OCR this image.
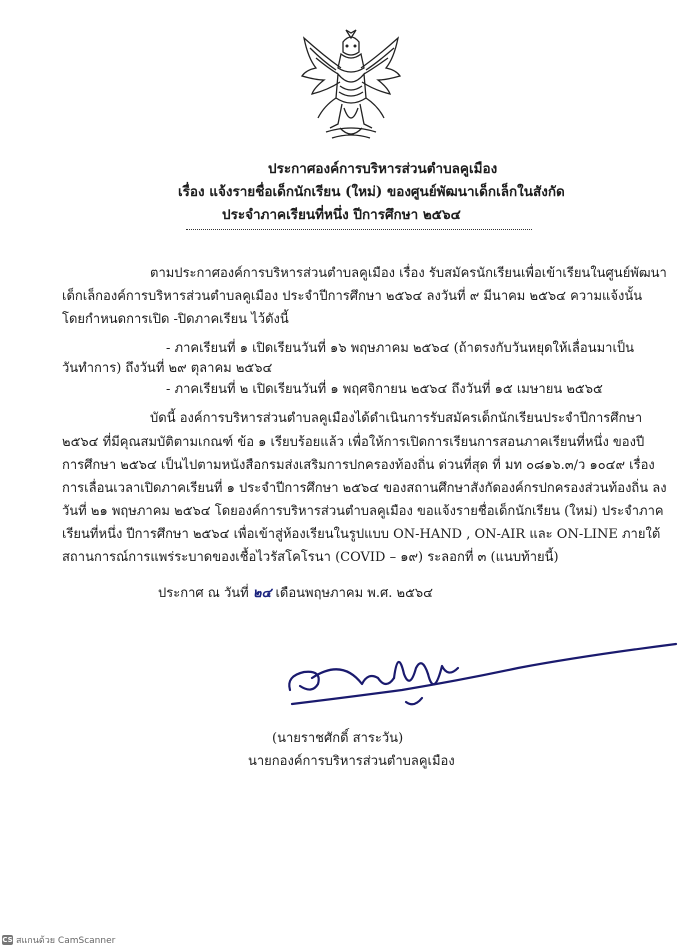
ประกาศองค์การบริหารส่วนตำบลคูเมือง
เรื่อง แจ้งรายชื่อเด็กนักเรียน (ใหม่) ของศูนย์พัฒนาเด็กเล็กในสังกัด
ประจำภาคเรียนที่หนึ่ง ปีการศึกษา ๒๕๖๔
ตามประกาศองค์การบริหารส่วนตำบลคูเมือง เรื่อง รับสมัครนักเรียนเพื่อเข้าเรียนในศูนย์พัฒนา
เด็กเล็กองค์การบริหารส่วนตำบลคูเมือง ประจำปีการศึกษา ๒๕๖๔ ลงวันที่ ๙ มีนาคม ๒๕๖๔ ความแจ้งนั้น
โดยกำหนดการเปิด -ปิดภาคเรียน ไว้ดังนี้
- ภาคเรียนที่ ๑ เปิดเรียนวันที่ ๑๖ พฤษภาคม ๒๕๖๔ (ถ้าตรงกับวันหยุดให้เลื่อนมาเป็น
วันทำการ) ถึงวันที่ ๒๙ ตุลาคม ๒๕๖๔
- ภาคเรียนที่ ๒ เปิดเรียนวันที่ ๑ พฤศจิกายน ๒๕๖๔ ถึงวันที่ ๑๕ เมษายน ๒๕๖๕
บัดนี้ องค์การบริหารส่วนตำบลคูเมืองได้ดำเนินการรับสมัครเด็กนักเรียนประจำปีการศึกษา
๒๕๖๔ ที่มีคุณสมบัติตามเกณฑ์ ข้อ ๑ เรียบร้อยแล้ว เพื่อให้การเปิดการเรียนการสอนภาคเรียนที่หนึ่ง ของปี
การศึกษา ๒๕๖๔ เป็นไปตามหนังสือกรมส่งเสริมการปกครองท้องถิ่น ด่วนที่สุด ที่ มท ๐๘๑๖.๓/ว ๑๐๔๙ เรื่อง
การเลื่อนเวลาเปิดภาคเรียนที่ ๑ ประจำปีการศึกษา ๒๕๖๔ ของสถานศึกษาสังกัดองค์กรปกครองส่วนท้องถิ่น ลง
วันที่ ๒๑ พฤษภาคม ๒๕๖๔ โดยองค์การบริหารส่วนตำบลคูเมือง ขอแจ้งรายชื่อเด็กนักเรียน (ใหม่) ประจำภาค
เรียนที่หนึ่ง ปีการศึกษา ๒๕๖๔ เพื่อเข้าสู่ห้องเรียนในรูปแบบ ON-HAND , ON-AIR และ ON-LINE ภายใต้
สถานการณ์การแพร่ระบาดของเชื้อไวรัสโคโรนา (COVID – ๑๙) ระลอกที่ ๓ (แนบท้ายนี้)
ประกาศ ณ วันที่ ๒๔ เดือนพฤษภาคม พ.ศ. ๒๕๖๔
(นายราชศักดิ์ สาระวัน)
นายกองค์การบริหารส่วนตำบลคูเมือง
CS สแกนด้วย CamScanner
